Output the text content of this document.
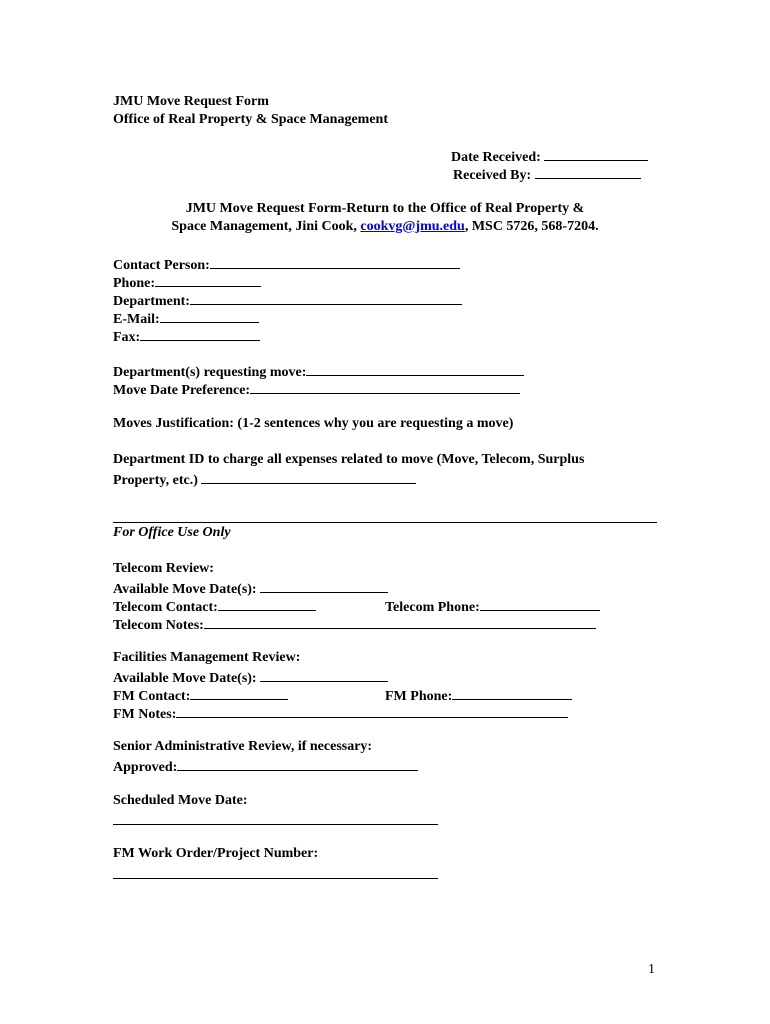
JMU Move Request Form
Office of Real Property & Space Management
Date Received:
Received By:
JMU Move Request Form-Return to the Office of Real Property &
Space Management, Jini Cook, cookvg@jmu.edu, MSC 5726, 568-7204.
Contact Person:
Phone:
Department:
E-Mail:
Fax:
Department(s) requesting move:
Move Date Preference:
Moves Justification: (1-2 sentences why you are requesting a move)
Department ID to charge all expenses related to move (Move, Telecom, Surplus
Property, etc.)
For Office Use Only
Telecom Review:
Available Move Date(s):
Telecom Contact:	Telecom Phone:
Telecom Notes:
Facilities Management Review:
Available Move Date(s):
FM Contact:	FM Phone:
FM Notes:
Senior Administrative Review, if necessary:
Approved:
Scheduled Move Date:
FM Work Order/Project Number:
1
